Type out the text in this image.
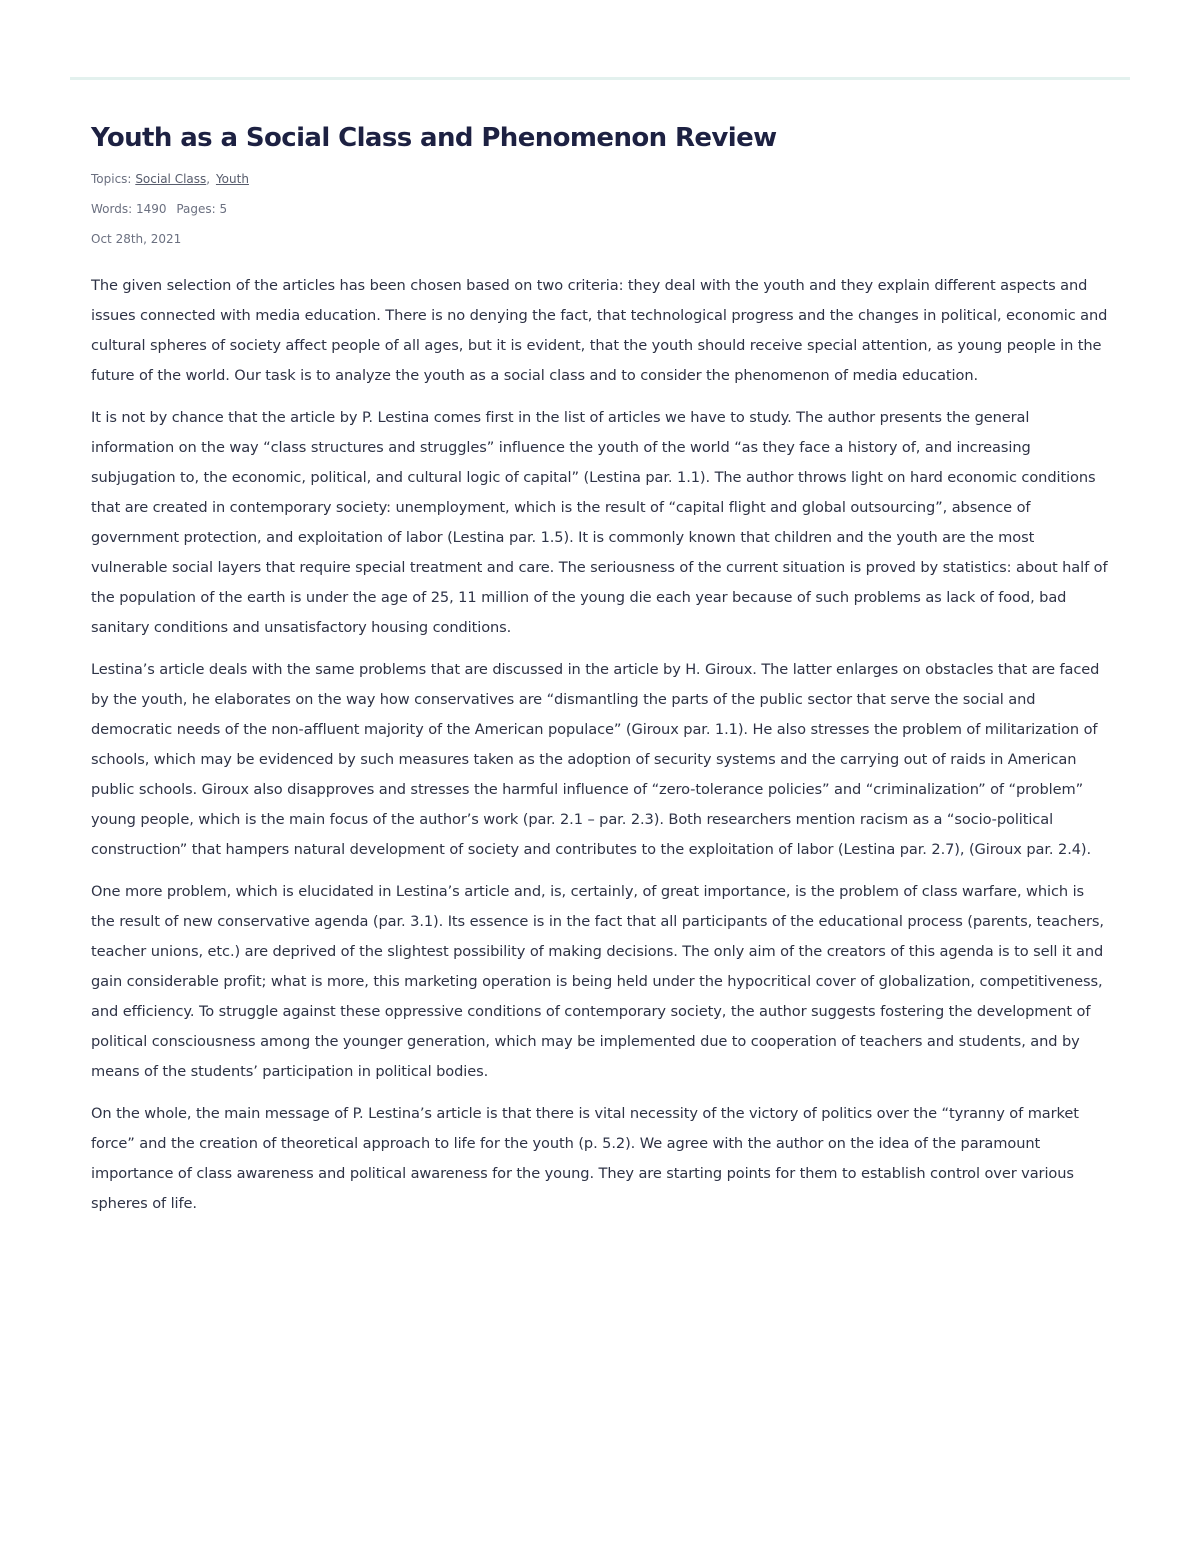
Youth as a Social Class and Phenomenon Review

Topics: Social Class, Youth

Words: 1490 Pages: 5

Oct 28th, 2021

The given selection of the articles has been chosen based on two criteria: they deal with the youth and they explain different aspects and issues connected with media education. There is no denying the fact, that technological progress and the changes in political, economic and cultural spheres of society affect people of all ages, but it is evident, that the youth should receive special attention, as young people in the future of the world. Our task is to analyze the youth as a social class and to consider the phenomenon of media education.

It is not by chance that the article by P. Lestina comes first in the list of articles we have to study. The author presents the general information on the way “class structures and struggles” influence the youth of the world “as they face a history of, and increasing subjugation to, the economic, political, and cultural logic of capital” (Lestina par. 1.1). The author throws light on hard economic conditions that are created in contemporary society: unemployment, which is the result of “capital flight and global outsourcing”, absence of government protection, and exploitation of labor (Lestina par. 1.5). It is commonly known that children and the youth are the most vulnerable social layers that require special treatment and care. The seriousness of the current situation is proved by statistics: about half of the population of the earth is under the age of 25, 11 million of the young die each year because of such problems as lack of food, bad sanitary conditions and unsatisfactory housing conditions.

Lestina’s article deals with the same problems that are discussed in the article by H. Giroux. The latter enlarges on obstacles that are faced by the youth, he elaborates on the way how conservatives are “dismantling the parts of the public sector that serve the social and democratic needs of the non-affluent majority of the American populace” (Giroux par. 1.1). He also stresses the problem of militarization of schools, which may be evidenced by such measures taken as the adoption of security systems and the carrying out of raids in American public schools. Giroux also disapproves and stresses the harmful influence of “zero-tolerance policies” and “criminalization” of “problem” young people, which is the main focus of the author’s work (par. 2.1 – par. 2.3). Both researchers mention racism as a “socio-political construction” that hampers natural development of society and contributes to the exploitation of labor (Lestina par. 2.7), (Giroux par. 2.4).

One more problem, which is elucidated in Lestina’s article and, is, certainly, of great importance, is the problem of class warfare, which is the result of new conservative agenda (par. 3.1). Its essence is in the fact that all participants of the educational process (parents, teachers, teacher unions, etc.) are deprived of the slightest possibility of making decisions. The only aim of the creators of this agenda is to sell it and gain considerable profit; what is more, this marketing operation is being held under the hypocritical cover of globalization, competitiveness, and efficiency. To struggle against these oppressive conditions of contemporary society, the author suggests fostering the development of political consciousness among the younger generation, which may be implemented due to cooperation of teachers and students, and by means of the students’ participation in political bodies.

On the whole, the main message of P. Lestina’s article is that there is vital necessity of the victory of politics over the “tyranny of market force” and the creation of theoretical approach to life for the youth (p. 5.2). We agree with the author on the idea of the paramount importance of class awareness and political awareness for the young. They are starting points for them to establish control over various spheres of life.
